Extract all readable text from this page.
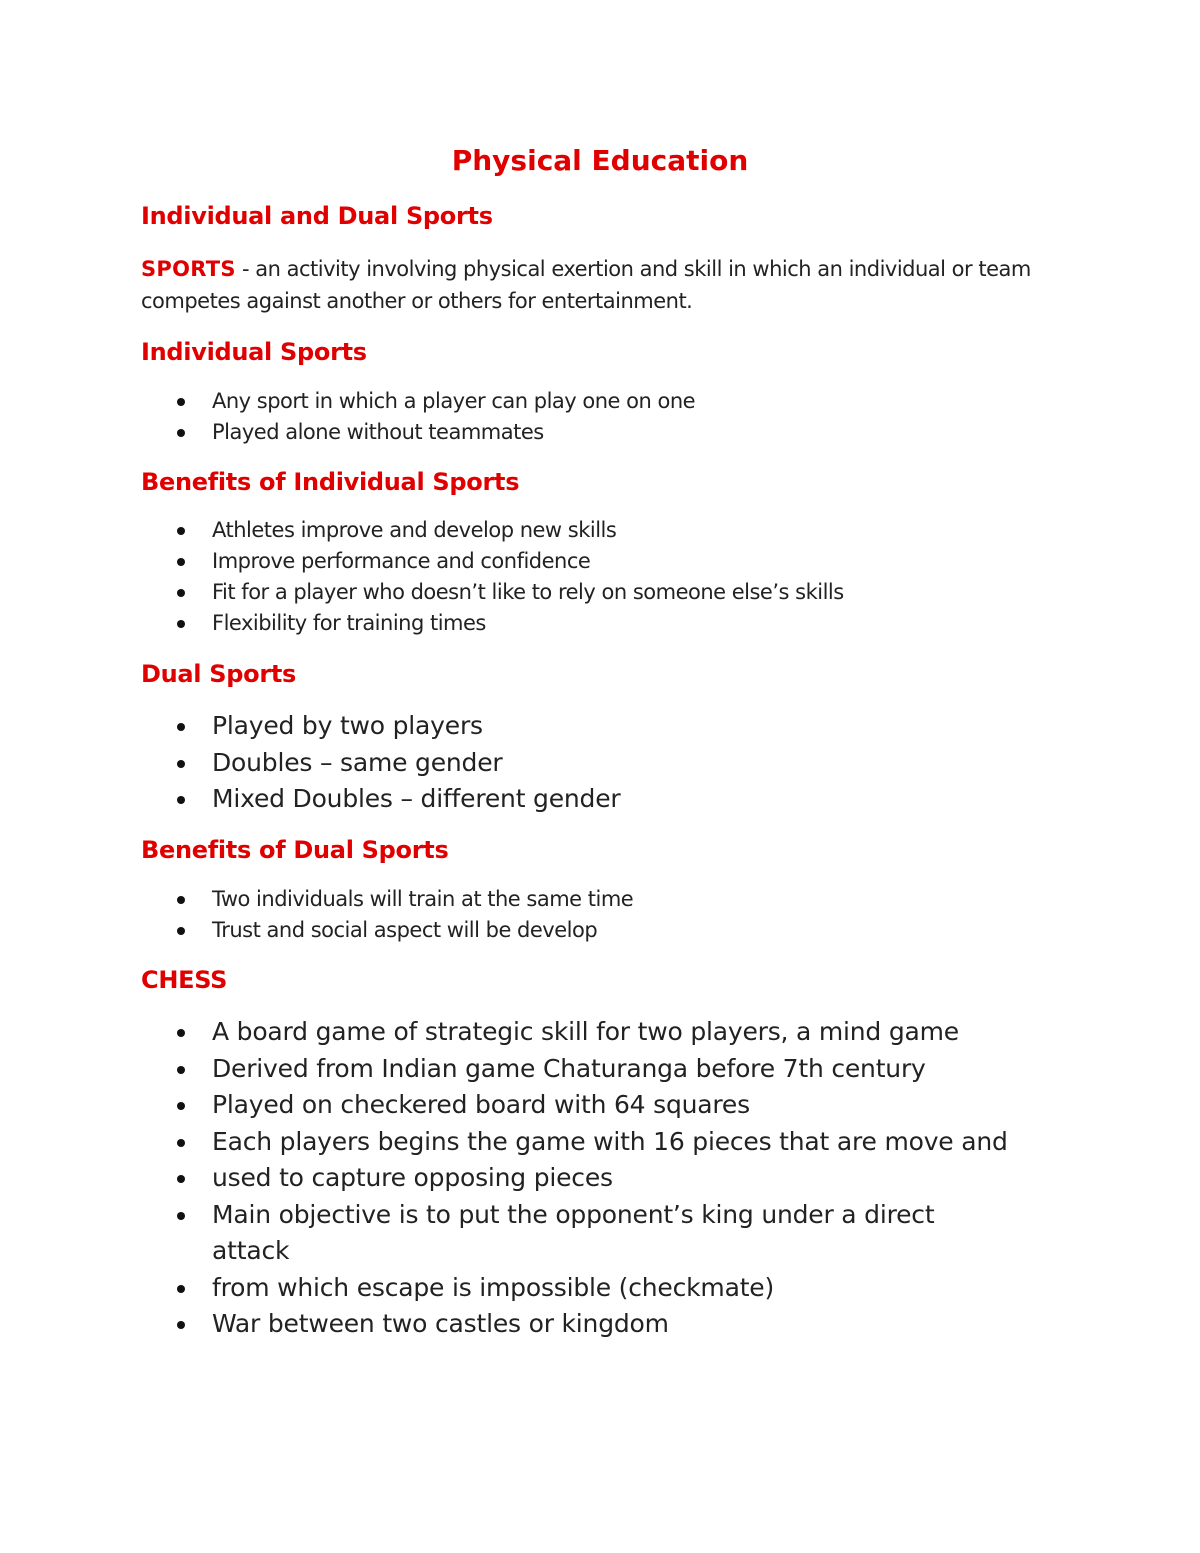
Physical Education
Individual and Dual Sports

SPORTS - an activity involving physical exertion and skill in which an individual or team competes against another or others for entertainment.

Individual Sports
Any sport in which a player can play one on one
Played alone without teammates
Benefits of Individual Sports
Athletes improve and develop new skills
Improve performance and confidence
Fit for a player who doesn’t like to rely on someone else’s skills
Flexibility for training times
Dual Sports
Played by two players
Doubles – same gender
Mixed Doubles – different gender
Benefits of Dual Sports
Two individuals will train at the same time
Trust and social aspect will be develop
CHESS
A board game of strategic skill for two players, a mind game
Derived from Indian game Chaturanga before 7th century
Played on checkered board with 64 squares
Each players begins the game with 16 pieces that are move and
used to capture opposing pieces
Main objective is to put the opponent’s king under a direct attack
from which escape is impossible (checkmate)
War between two castles or kingdom
